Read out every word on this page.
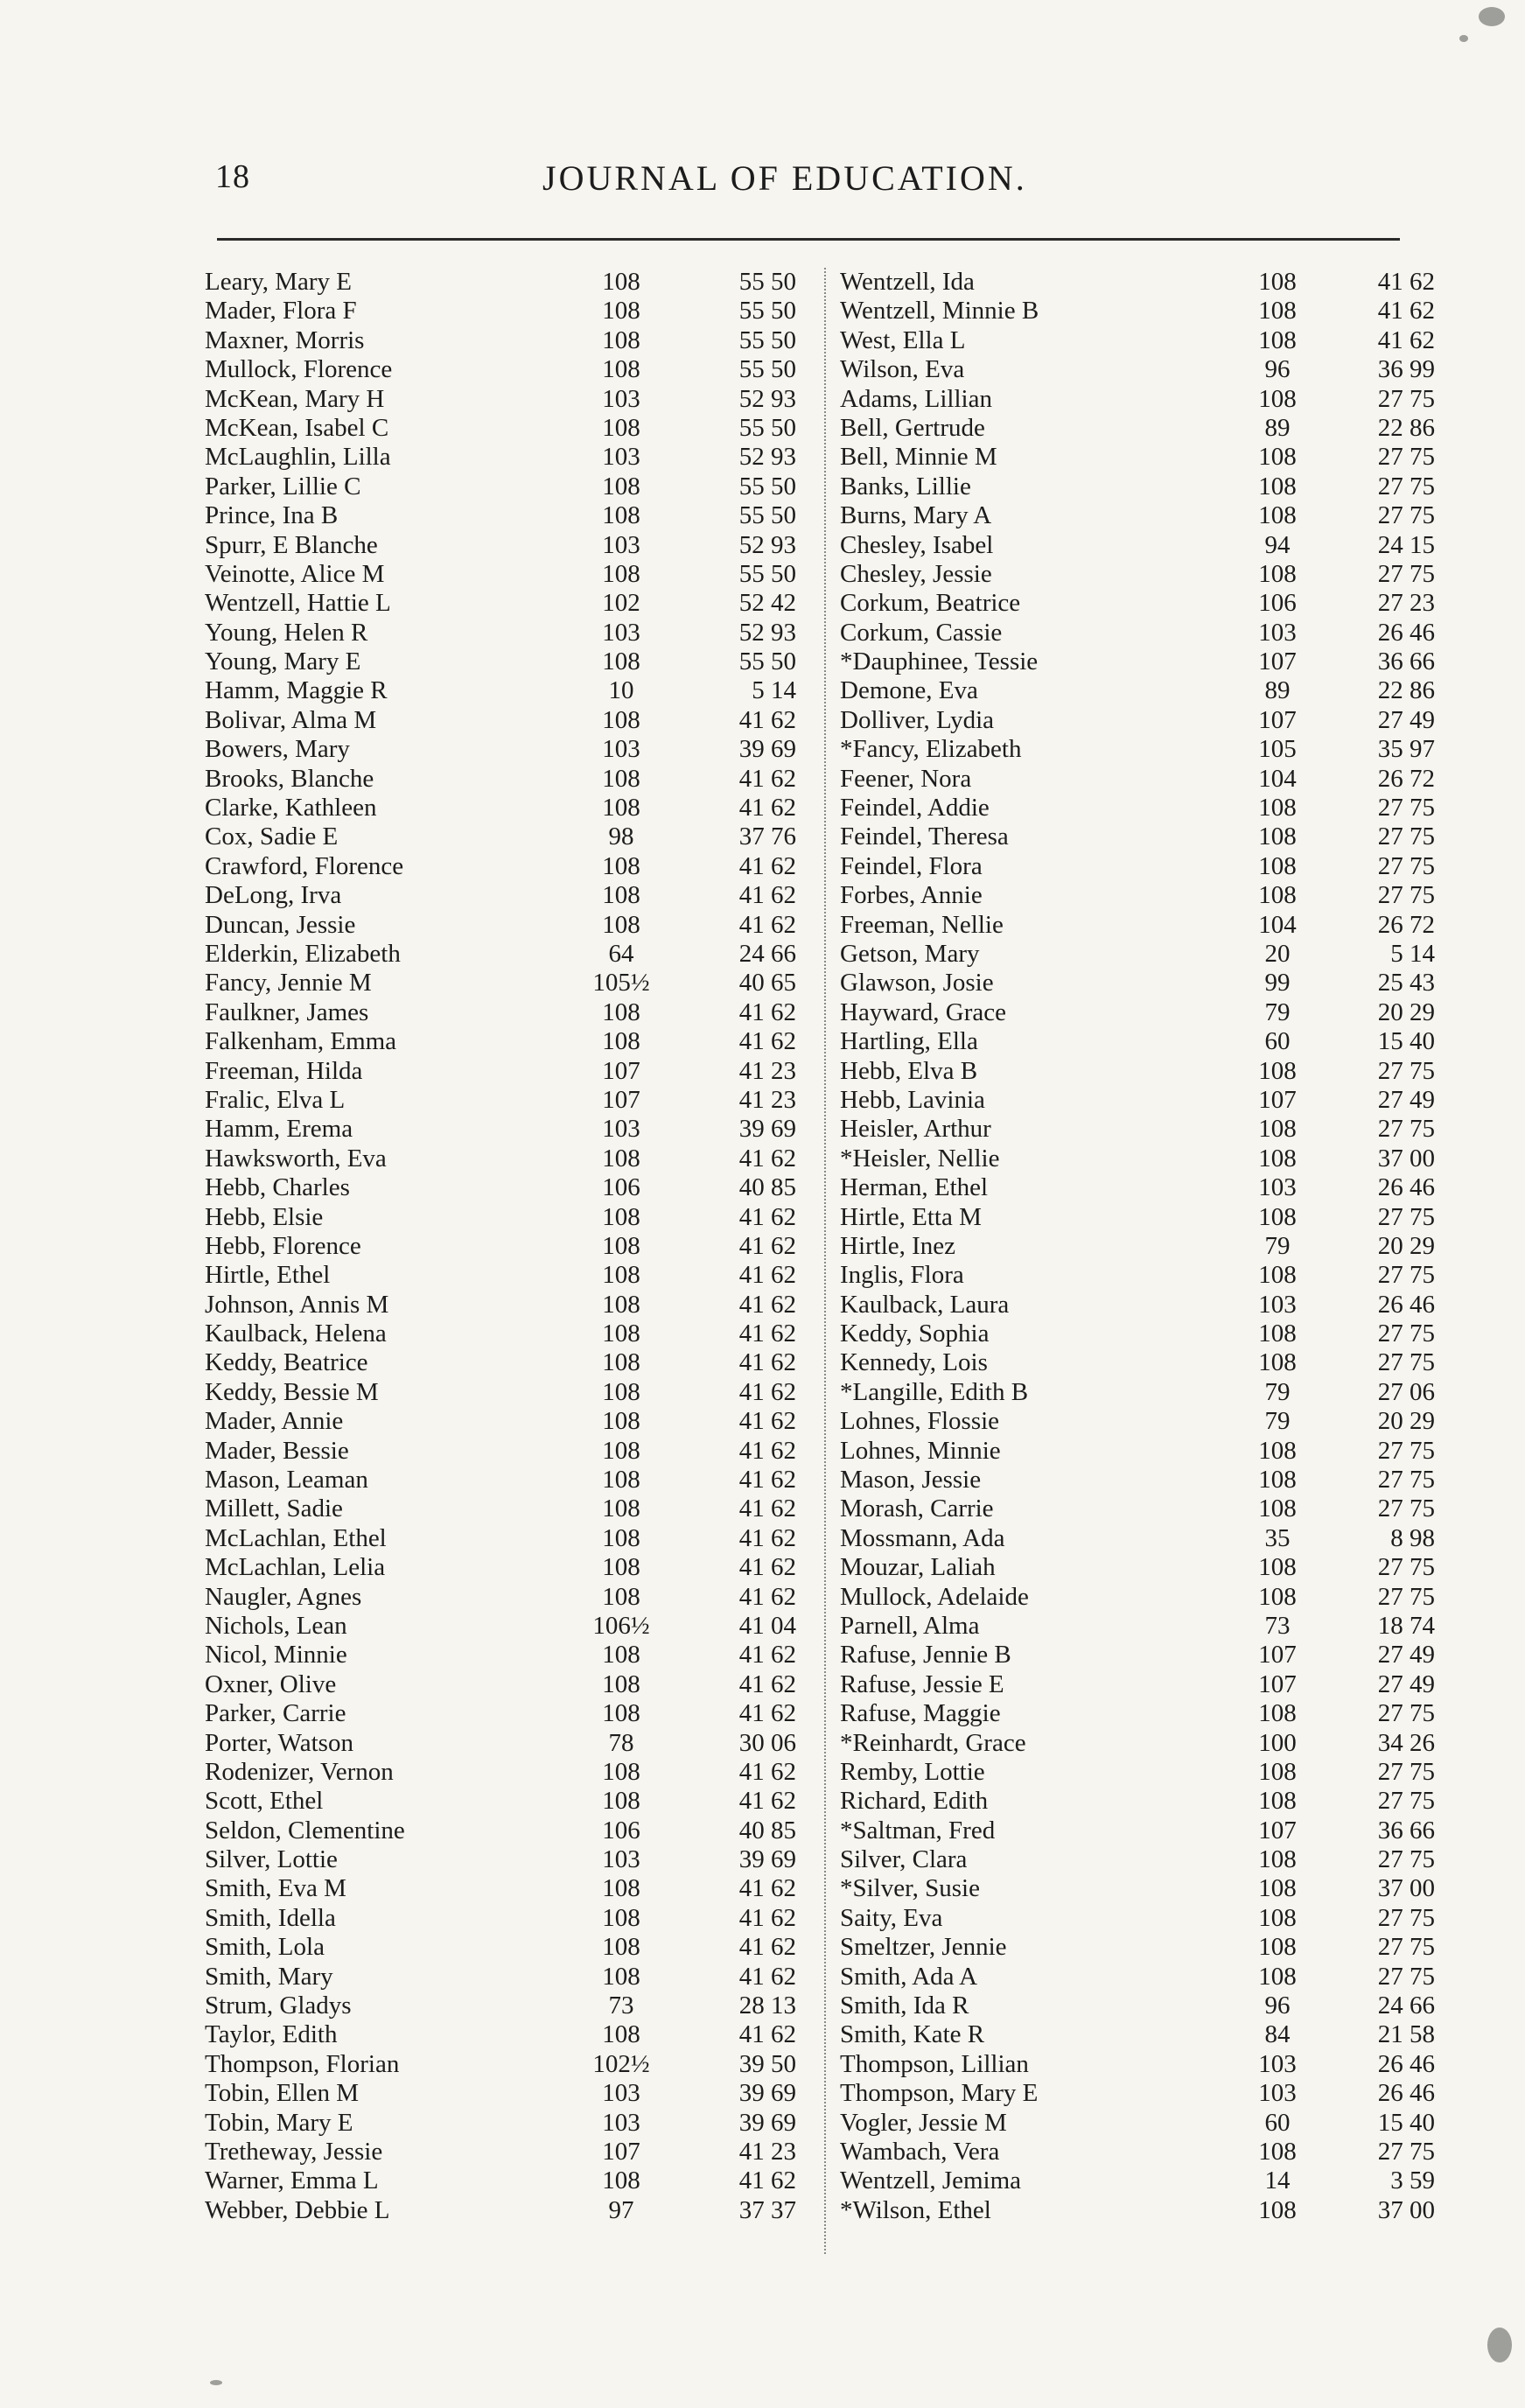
18	JOURNAL OF EDUCATION.
Leary, Mary E	108	55 50
Mader, Flora F	108	55 50
Maxner, Morris	108	55 50
Mullock, Florence	108	55 50
McKean, Mary H	103	52 93
McKean, Isabel C	108	55 50
McLaughlin, Lilla	103	52 93
Parker, Lillie C	108	55 50
Prince, Ina B	108	55 50
Spurr, E Blanche	103	52 93
Veinotte, Alice M	108	55 50
Wentzell, Hattie L	102	52 42
Young, Helen R	103	52 93
Young, Mary E	108	55 50
Hamm, Maggie R	10	5 14
Bolivar, Alma M	108	41 62
Bowers, Mary	103	39 69
Brooks, Blanche	108	41 62
Clarke, Kathleen	108	41 62
Cox, Sadie E	98	37 76
Crawford, Florence	108	41 62
DeLong, Irva	108	41 62
Duncan, Jessie	108	41 62
Elderkin, Elizabeth	64	24 66
Fancy, Jennie M	105½	40 65
Faulkner, James	108	41 62
Falkenham, Emma	108	41 62
Freeman, Hilda	107	41 23
Fralic, Elva L	107	41 23
Hamm, Erema	103	39 69
Hawksworth, Eva	108	41 62
Hebb, Charles	106	40 85
Hebb, Elsie	108	41 62
Hebb, Florence	108	41 62
Hirtle, Ethel	108	41 62
Johnson, Annis M	108	41 62
Kaulback, Helena	108	41 62
Keddy, Beatrice	108	41 62
Keddy, Bessie M	108	41 62
Mader, Annie	108	41 62
Mader, Bessie	108	41 62
Mason, Leaman	108	41 62
Millett, Sadie	108	41 62
McLachlan, Ethel	108	41 62
McLachlan, Lelia	108	41 62
Naugler, Agnes	108	41 62
Nichols, Lean	106½	41 04
Nicol, Minnie	108	41 62
Oxner, Olive	108	41 62
Parker, Carrie	108	41 62
Porter, Watson	78	30 06
Rodenizer, Vernon	108	41 62
Scott, Ethel	108	41 62
Seldon, Clementine	106	40 85
Silver, Lottie	103	39 69
Smith, Eva M	108	41 62
Smith, Idella	108	41 62
Smith, Lola	108	41 62
Smith, Mary	108	41 62
Strum, Gladys	73	28 13
Taylor, Edith	108	41 62
Thompson, Florian	102½	39 50
Tobin, Ellen M	103	39 69
Tobin, Mary E	103	39 69
Tretheway, Jessie	107	41 23
Warner, Emma L	108	41 62
Webber, Debbie L	97	37 37
Wentzell, Ida	108	41 62
Wentzell, Minnie B	108	41 62
West, Ella L	108	41 62
Wilson, Eva	96	36 99
Adams, Lillian	108	27 75
Bell, Gertrude	89	22 86
Bell, Minnie M	108	27 75
Banks, Lillie	108	27 75
Burns, Mary A	108	27 75
Chesley, Isabel	94	24 15
Chesley, Jessie	108	27 75
Corkum, Beatrice	106	27 23
Corkum, Cassie	103	26 46
*Dauphinee, Tessie	107	36 66
Demone, Eva	89	22 86
Dolliver, Lydia	107	27 49
*Fancy, Elizabeth	105	35 97
Feener, Nora	104	26 72
Feindel, Addie	108	27 75
Feindel, Theresa	108	27 75
Feindel, Flora	108	27 75
Forbes, Annie	108	27 75
Freeman, Nellie	104	26 72
Getson, Mary	20	5 14
Glawson, Josie	99	25 43
Hayward, Grace	79	20 29
Hartling, Ella	60	15 40
Hebb, Elva B	108	27 75
Hebb, Lavinia	107	27 49
Heisler, Arthur	108	27 75
*Heisler, Nellie	108	37 00
Herman, Ethel	103	26 46
Hirtle, Etta M	108	27 75
Hirtle, Inez	79	20 29
Inglis, Flora	108	27 75
Kaulback, Laura	103	26 46
Keddy, Sophia	108	27 75
Kennedy, Lois	108	27 75
*Langille, Edith B	79	27 06
Lohnes, Flossie	79	20 29
Lohnes, Minnie	108	27 75
Mason, Jessie	108	27 75
Morash, Carrie	108	27 75
Mossmann, Ada	35	8 98
Mouzar, Laliah	108	27 75
Mullock, Adelaide	108	27 75
Parnell, Alma	73	18 74
Rafuse, Jennie B	107	27 49
Rafuse, Jessie E	107	27 49
Rafuse, Maggie	108	27 75
*Reinhardt, Grace	100	34 26
Remby, Lottie	108	27 75
Richard, Edith	108	27 75
*Saltman, Fred	107	36 66
Silver, Clara	108	27 75
*Silver, Susie	108	37 00
Saity, Eva	108	27 75
Smeltzer, Jennie	108	27 75
Smith, Ada A	108	27 75
Smith, Ida R	96	24 66
Smith, Kate R	84	21 58
Thompson, Lillian	103	26 46
Thompson, Mary E	103	26 46
Vogler, Jessie M	60	15 40
Wambach, Vera	108	27 75
Wentzell, Jemima	14	3 59
*Wilson, Ethel	108	37 00
